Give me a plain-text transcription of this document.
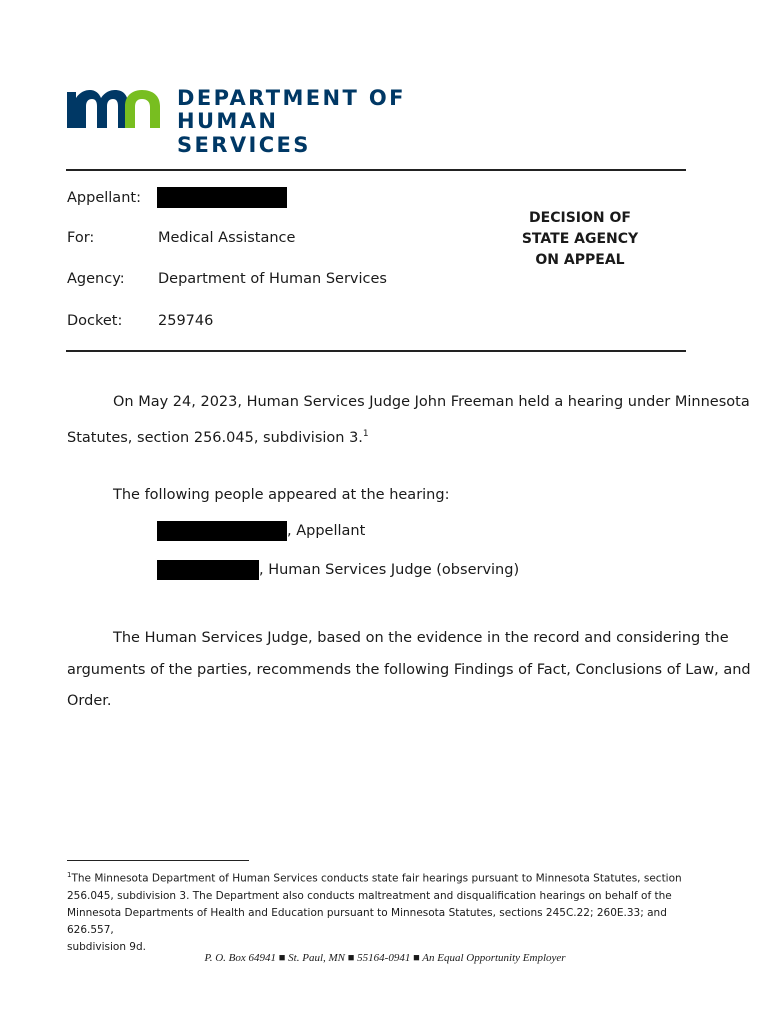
DEPARTMENT OF
HUMAN SERVICES
Appellant:
For:	Medical Assistance
Agency: Department of Human Services
Docket: 259746
DECISION OF
STATE AGENCY
ON APPEAL
On May 24, 2023, Human Services Judge John Freeman held a hearing under Minnesota
Statutes, section 256.045, subdivision 3.$^1$
The following people appeared at the hearing:
, Appellant
, Human Services Judge (observing)
The Human Services Judge, based on the evidence in the record and considering the
arguments of the parties, recommends the following Findings of Fact, Conclusions of Law, and
Order.
$^1$The Minnesota Department of Human Services conducts state fair hearings pursuant to Minnesota Statutes, section
256.045, subdivision 3. The Department also conducts maltreatment and disqualification hearings on behalf of the
Minnesota Departments of Health and Education pursuant to Minnesota Statutes, sections 245C.22; 260E.33; and 626.557,
subdivision 9d.
P. O. Box 64941 ■ St. Paul, MN ■ 55164-0941 ■ An Equal Opportunity Employer
